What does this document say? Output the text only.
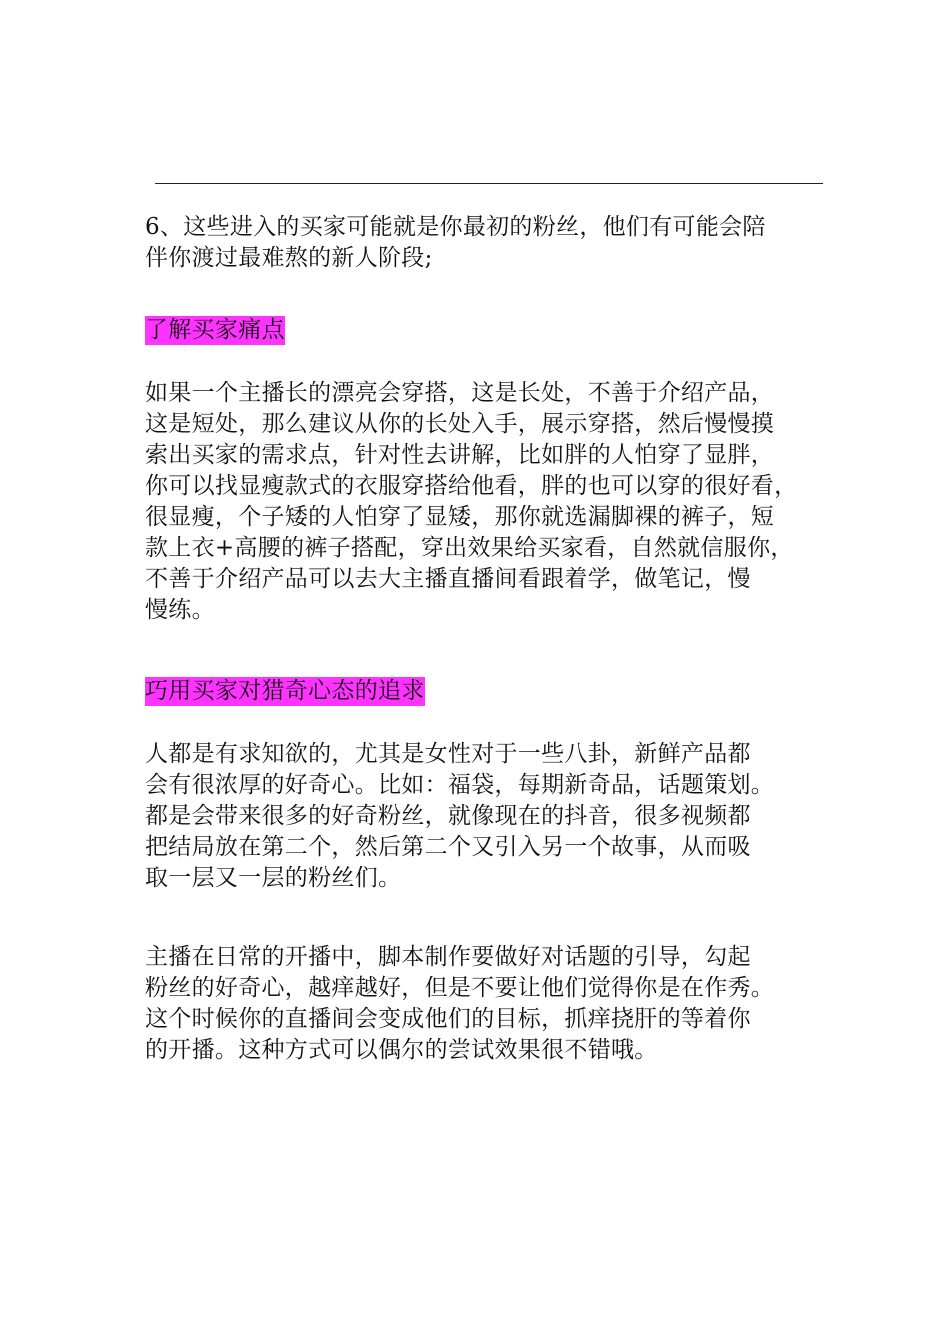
6、这些进入的买家可能就是你最初的粉丝，他们有可能会陪
伴你渡过最难熬的新人阶段;

了解买家痛点

如果一个主播长的漂亮会穿搭，这是长处，不善于介绍产品，
这是短处，那么建议从你的长处入手，展示穿搭，然后慢慢摸
索出买家的需求点，针对性去讲解，比如胖的人怕穿了显胖，
你可以找显瘦款式的衣服穿搭给他看，胖的也可以穿的很好看，
很显瘦，个子矮的人怕穿了显矮，那你就选漏脚裸的裤子，短
款上衣+高腰的裤子搭配，穿出效果给买家看，自然就信服你，
不善于介绍产品可以去大主播直播间看跟着学，做笔记，慢
慢练。

巧用买家对猎奇心态的追求

人都是有求知欲的，尤其是女性对于一些八卦，新鲜产品都
会有很浓厚的好奇心。比如：福袋，每期新奇品，话题策划。
都是会带来很多的好奇粉丝，就像现在的抖音，很多视频都
把结局放在第二个，然后第二个又引入另一个故事，从而吸
取一层又一层的粉丝们。

主播在日常的开播中，脚本制作要做好对话题的引导，勾起
粉丝的好奇心，越痒越好，但是不要让他们觉得你是在作秀。
这个时候你的直播间会变成他们的目标，抓痒挠肝的等着你
的开播。这种方式可以偶尔的尝试效果很不错哦。
